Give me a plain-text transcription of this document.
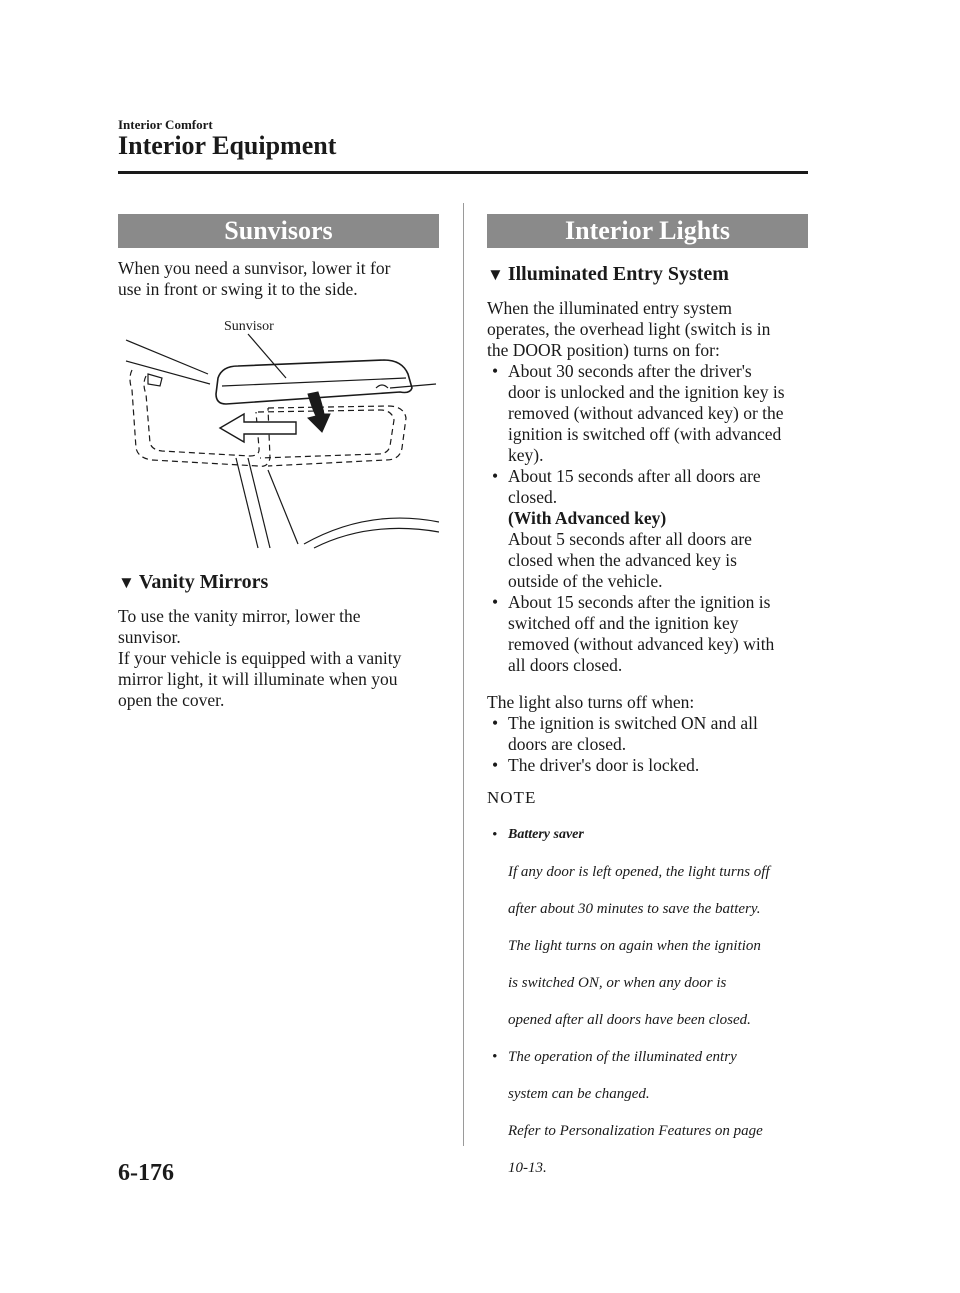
Interior Comfort
Interior Equipment
Sunvisors

When you need a sunvisor, lower it for

use in front or swing it to the side.

Sunvisor
▼ Vanity Mirrors

To use the vanity mirror, lower the

sunvisor.

If your vehicle is equipped with a vanity

mirror light, it will illuminate when you

open the cover.

Interior Lights
▼ Illuminated Entry System

When the illuminated entry system

operates, the overhead light (switch is in

the DOOR position) turns on for:

• About 30 seconds after the driver's

door is unlocked and the ignition key is

removed (without advanced key) or the

ignition is switched off (with advanced

key).

• About 15 seconds after all doors are

closed.

(With Advanced key)

About 5 seconds after all doors are

closed when the advanced key is

outside of the vehicle.

• About 15 seconds after the ignition is

switched off and the ignition key

removed (without advanced key) with

all doors closed.

The light also turns off when:

• The ignition is switched ON and all

doors are closed.

• The driver's door is locked.

NOTE

• Battery saver

If any door is left opened, the light turns off

after about 30 minutes to save the battery.

The light turns on again when the ignition

is switched ON, or when any door is

opened after all doors have been closed.

• The operation of the illuminated entry

system can be changed.

Refer to Personalization Features on page

10-13.

6-176
